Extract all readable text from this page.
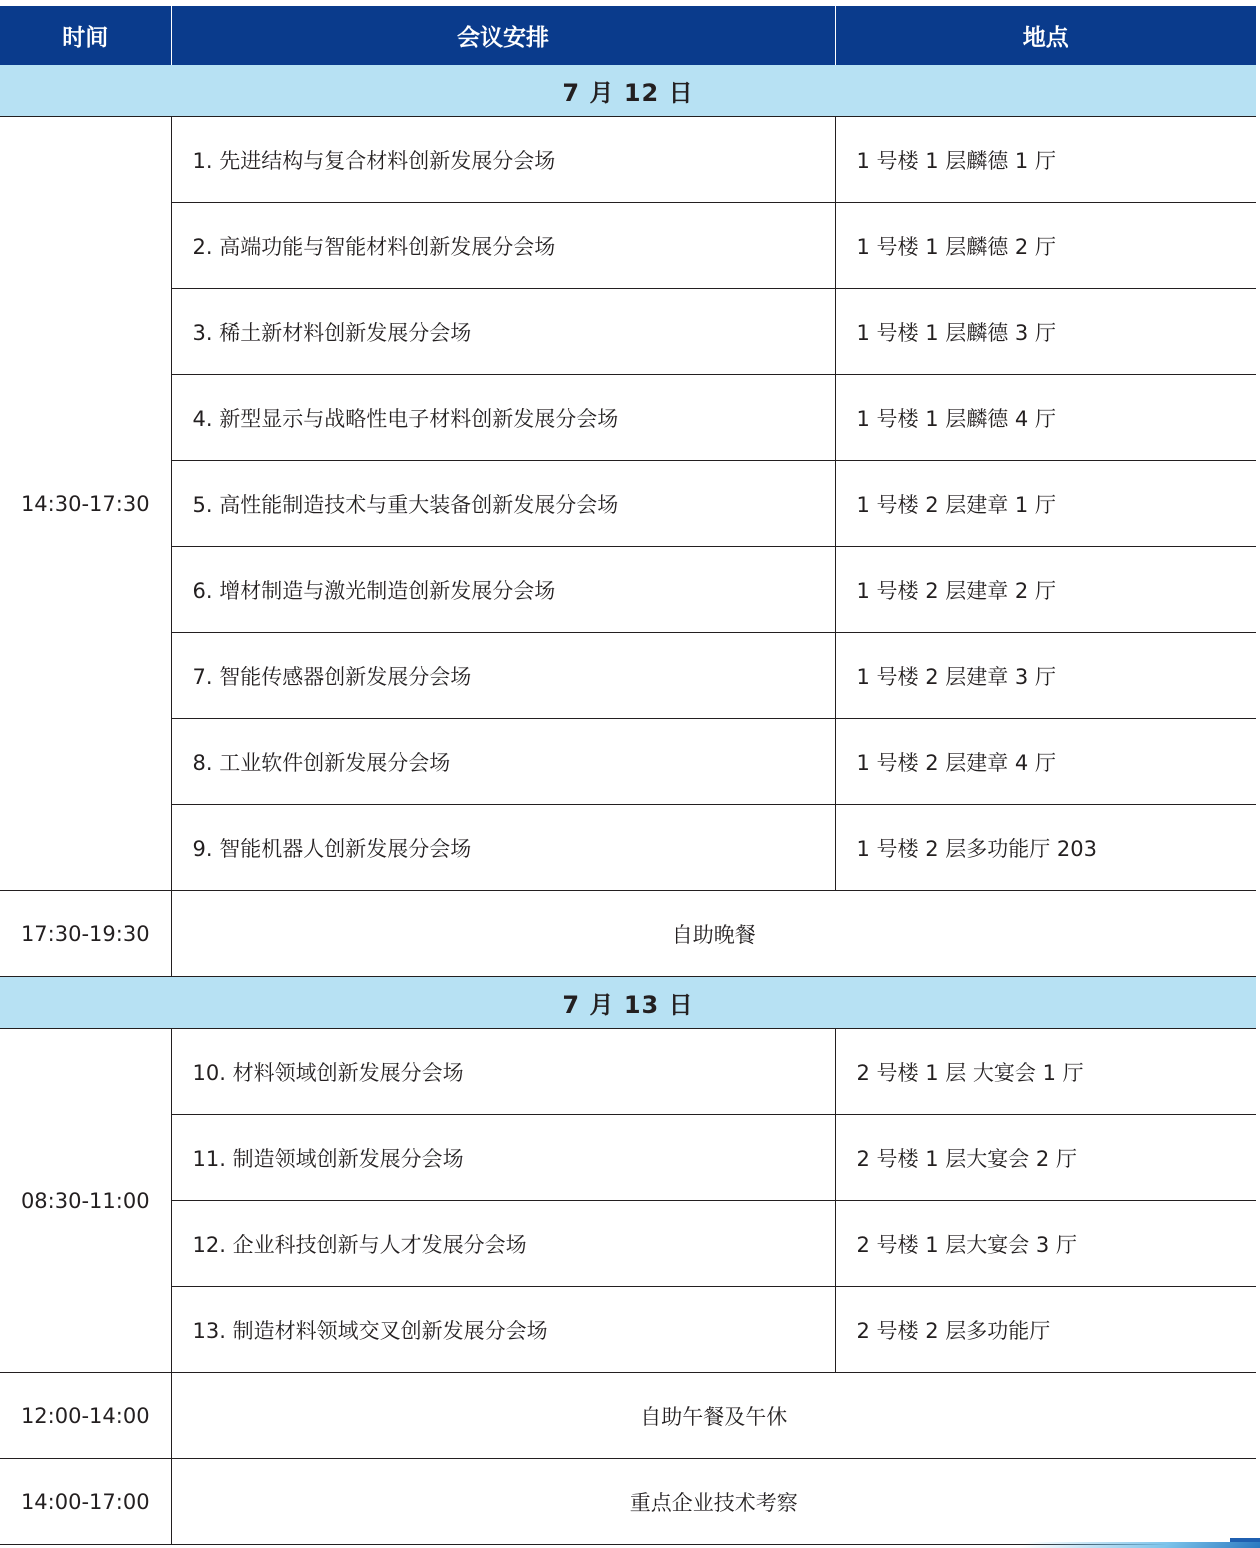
时间	会议安排	地点
7 月 12 日		
14:30-17:30	1. 先进结构与复合材料创新发展分会场	1 号楼 1 层麟德 1 厅
	2. 高端功能与智能材料创新发展分会场	1 号楼 1 层麟德 2 厅
	3. 稀土新材料创新发展分会场	1 号楼 1 层麟德 3 厅
	4. 新型显示与战略性电子材料创新发展分会场	1 号楼 1 层麟德 4 厅
	5. 高性能制造技术与重大装备创新发展分会场	1 号楼 2 层建章 1 厅
	6. 增材制造与激光制造创新发展分会场	1 号楼 2 层建章 2 厅
	7. 智能传感器创新发展分会场	1 号楼 2 层建章 3 厅
	8. 工业软件创新发展分会场	1 号楼 2 层建章 4 厅
	9. 智能机器人创新发展分会场	1 号楼 2 层多功能厅 203
17:30-19:30	自助晚餐	
7 月 13 日		
08:30-11:00	10. 材料领域创新发展分会场	2 号楼 1 层 大宴会 1 厅
	11. 制造领域创新发展分会场	2 号楼 1 层大宴会 2 厅
	12. 企业科技创新与人才发展分会场	2 号楼 1 层大宴会 3 厅
	13. 制造材料领域交叉创新发展分会场	2 号楼 2 层多功能厅
12:00-14:00	自助午餐及午休	
14:00-17:00	重点企业技术考察	
